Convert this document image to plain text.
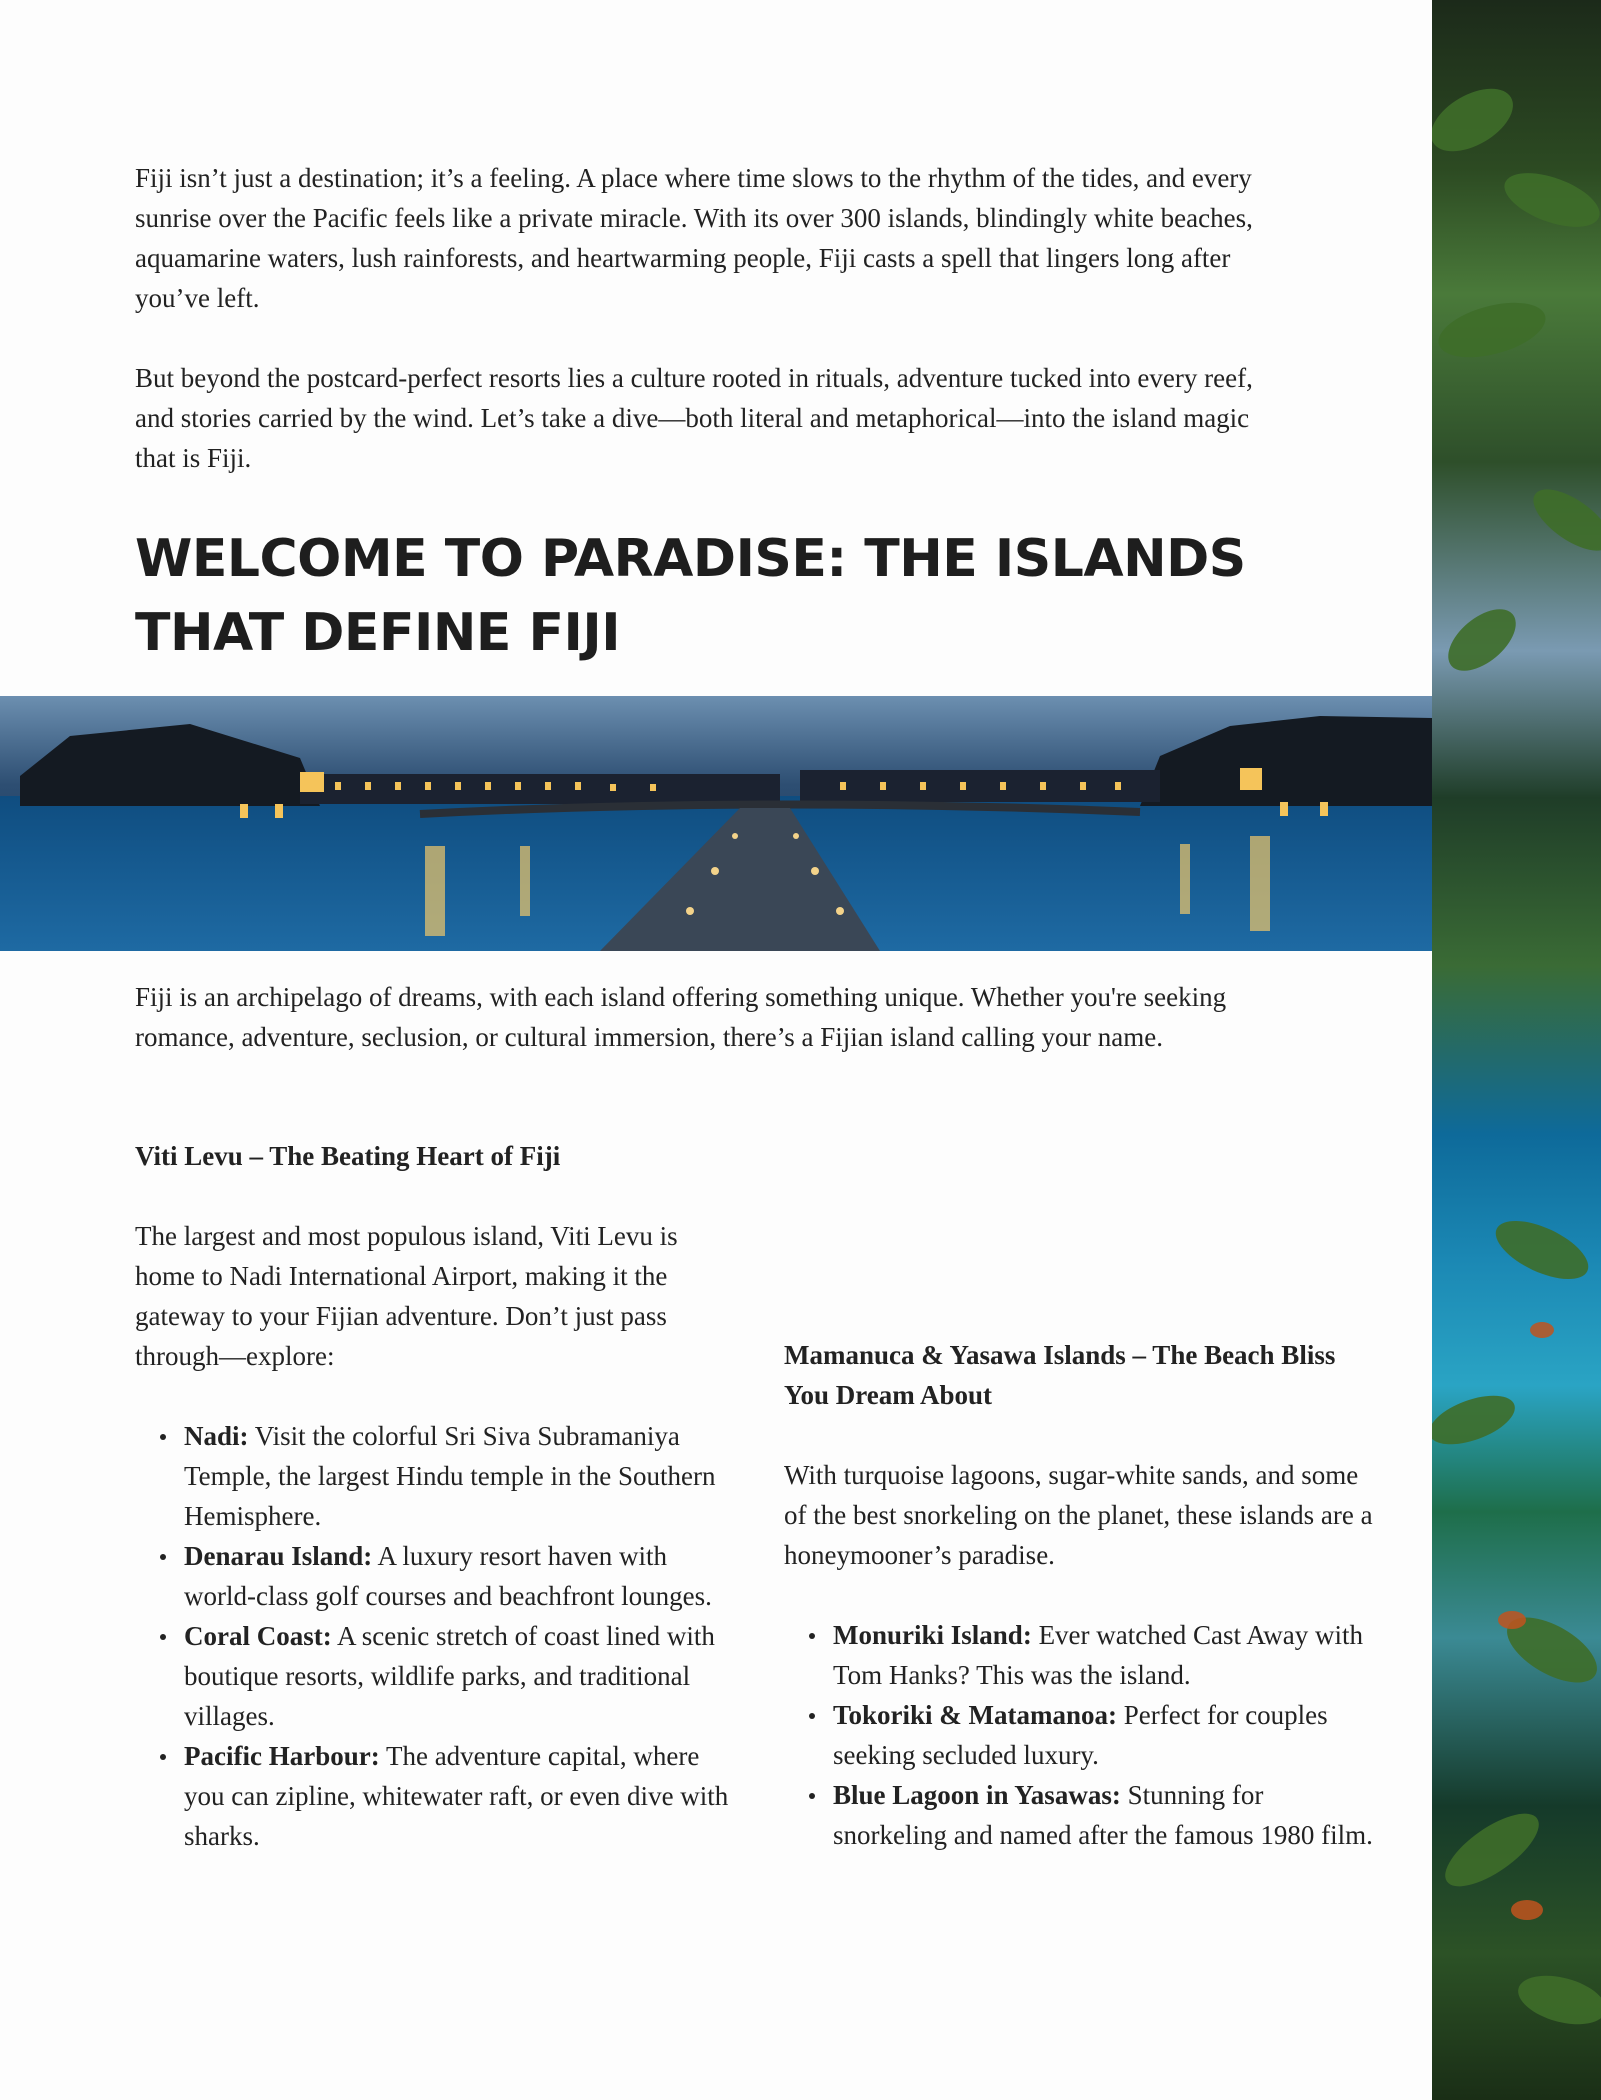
Fiji isn’t just a destination; it’s a feeling. A place where time slows to the rhythm of the tides, and every sunrise over the Pacific feels like a private miracle. With its over 300 islands, blindingly white beaches, aquamarine waters, lush rainforests, and heartwarming people, Fiji casts a spell that lingers long after you’ve left.

But beyond the postcard-perfect resorts lies a culture rooted in rituals, adventure tucked into every reef, and stories carried by the wind. Let’s take a dive—both literal and metaphorical—into the island magic that is Fiji.

WELCOME TO PARADISE: THE ISLANDS THAT DEFINE FIJI

Fiji is an archipelago of dreams, with each island offering something unique. Whether you're seeking romance, adventure, seclusion, or cultural immersion, there’s a Fijian island calling your name.

Viti Levu – The Beating Heart of Fiji

The largest and most populous island, Viti Levu is home to Nadi International Airport, making it the gateway to your Fijian adventure. Don’t just pass through—explore:

Nadi: Visit the colorful Sri Siva Subramaniya Temple, the largest Hindu temple in the Southern Hemisphere.
Denarau Island: A luxury resort haven with world-class golf courses and beachfront lounges.
Coral Coast: A scenic stretch of coast lined with boutique resorts, wildlife parks, and traditional villages.
Pacific Harbour: The adventure capital, where you can zipline, whitewater raft, or even dive with sharks.

Mamanuca & Yasawa Islands – The Beach Bliss You Dream About

With turquoise lagoons, sugar-white sands, and some of the best snorkeling on the planet, these islands are a honeymooner’s paradise.

Monuriki Island: Ever watched Cast Away with Tom Hanks? This was the island.
Tokoriki & Matamanoa: Perfect for couples seeking secluded luxury.
Blue Lagoon in Yasawas: Stunning for snorkeling and named after the famous 1980 film.
